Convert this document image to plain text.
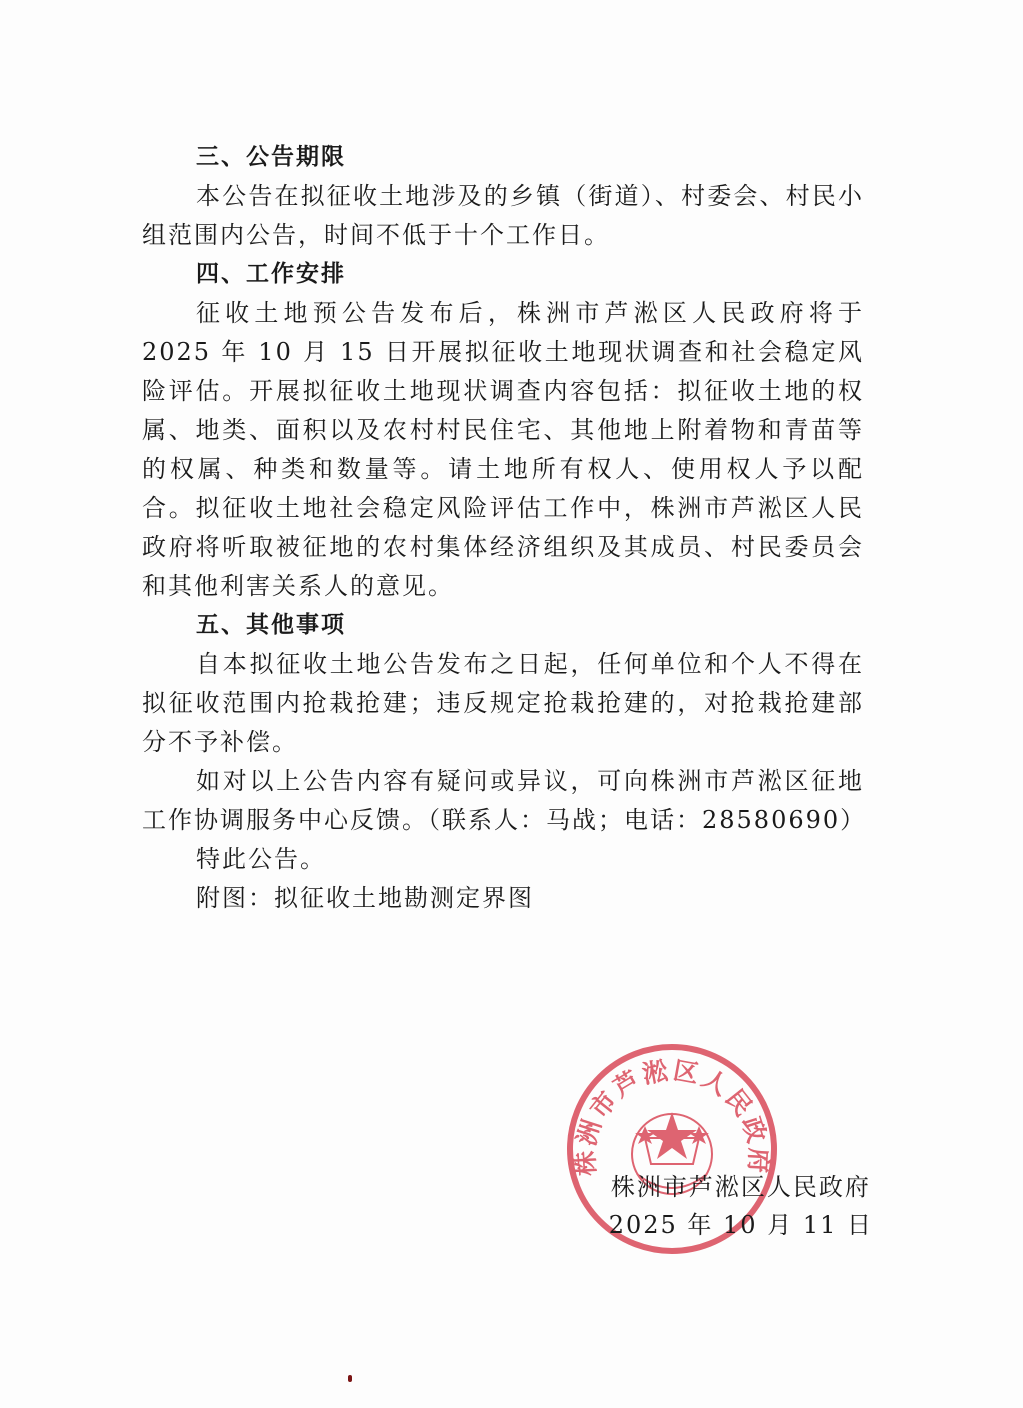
三、公告期限

本公告在拟征收土地涉及的乡镇（街道）、村委会、村民小组范围内公告，时间不低于十个工作日。

四、工作安排

征收土地预公告发布后，株洲市芦淞区人民政府将于 2025 年 10 月 15 日开展拟征收土地现状调查和社会稳定风险评估。开展拟征收土地现状调查内容包括：拟征收土地的权属、地类、面积以及农村村民住宅、其他地上附着物和青苗等的权属、种类和数量等。请土地所有权人、使用权人予以配合。拟征收土地社会稳定风险评估工作中，株洲市芦淞区人民政府将听取被征地的农村集体经济组织及其成员、村民委员会和其他利害关系人的意见。

五、其他事项

自本拟征收土地公告发布之日起，任何单位和个人不得在拟征收范围内抢栽抢建；违反规定抢栽抢建的，对抢栽抢建部分不予补偿。

如对以上公告内容有疑问或异议，可向株洲市芦淞区征地工作协调服务中心反馈。（联系人：马战；电话：28580690）

特此公告。

附图：拟征收土地勘测定界图

株洲市芦淞区人民政府
株洲市芦淞区人民政府
2025 年 10 月 11 日
